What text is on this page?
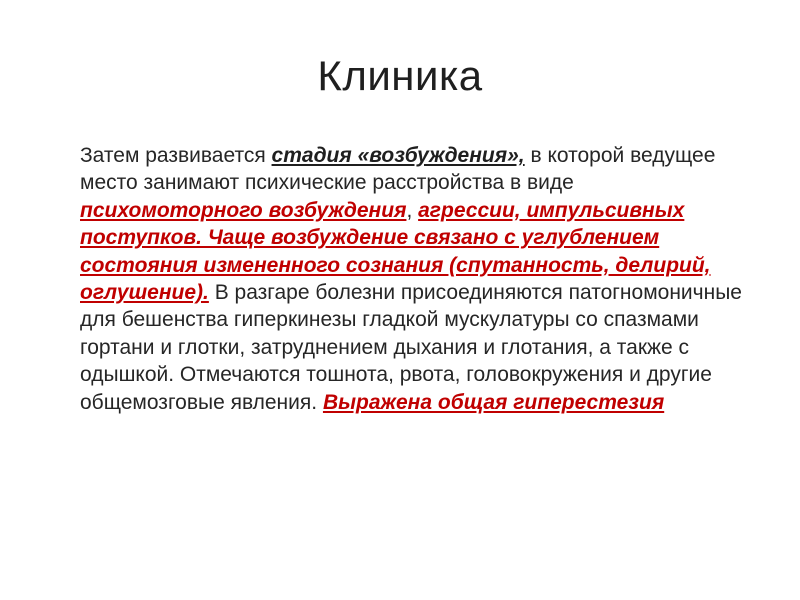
Клиника

Затем развивается стадия «возбуждения», в которой ведущее место занимают психические расстройства в виде психомоторного возбуждения, агрессии, импульсивных поступков. Чаще возбуждение связано с углублением состояния измененного сознания (спутанность, делирий, оглушение). В разгаре болезни присоединяются патогномоничные для бешенства гиперкинезы гладкой мускулатуры со спазмами гортани и глотки, затруднением дыхания и глотания, а также с одышкой. Отмечаются тошнота, рвота, головокружения и другие общемозговые явления. Выражена общая гиперестезия
